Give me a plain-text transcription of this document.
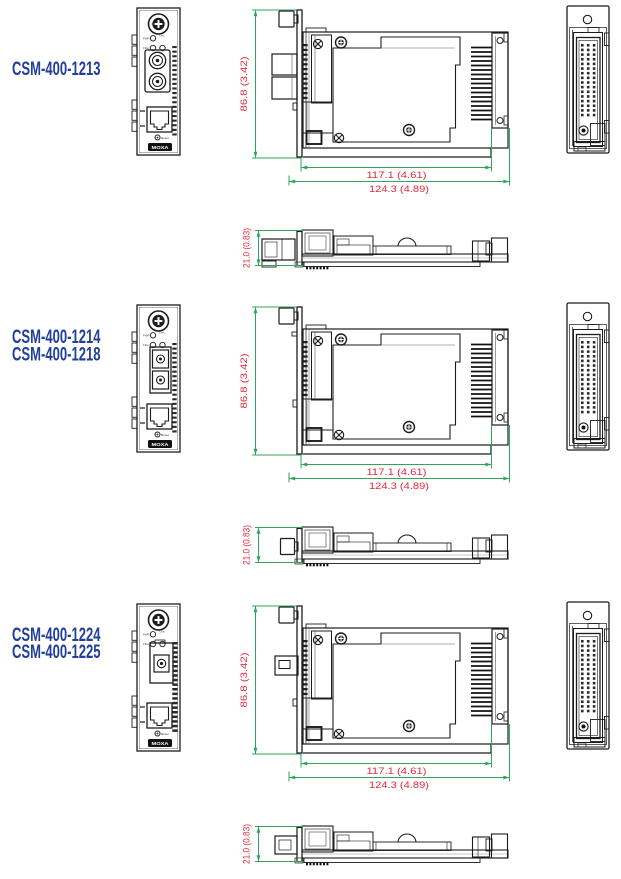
CSM-400-1213
PWR
Link
Fiber
Reset
MOXA
86.8 (3.42)
117.1 (4.61)
124.3 (4.89)
21.0 (0.83)
CSM-400-1214
CSM-400-1218
PWR
Link
Fiber
Reset
MOXA
86.8 (3.42)
117.1 (4.61)
124.3 (4.89)
21.0 (0.83)
CSM-400-1224
CSM-400-1225
PWR
Link
Fiber
Reset
MOXA
86.8 (3.42)
117.1 (4.61)
124.3 (4.89)
21.0 (0.83)
